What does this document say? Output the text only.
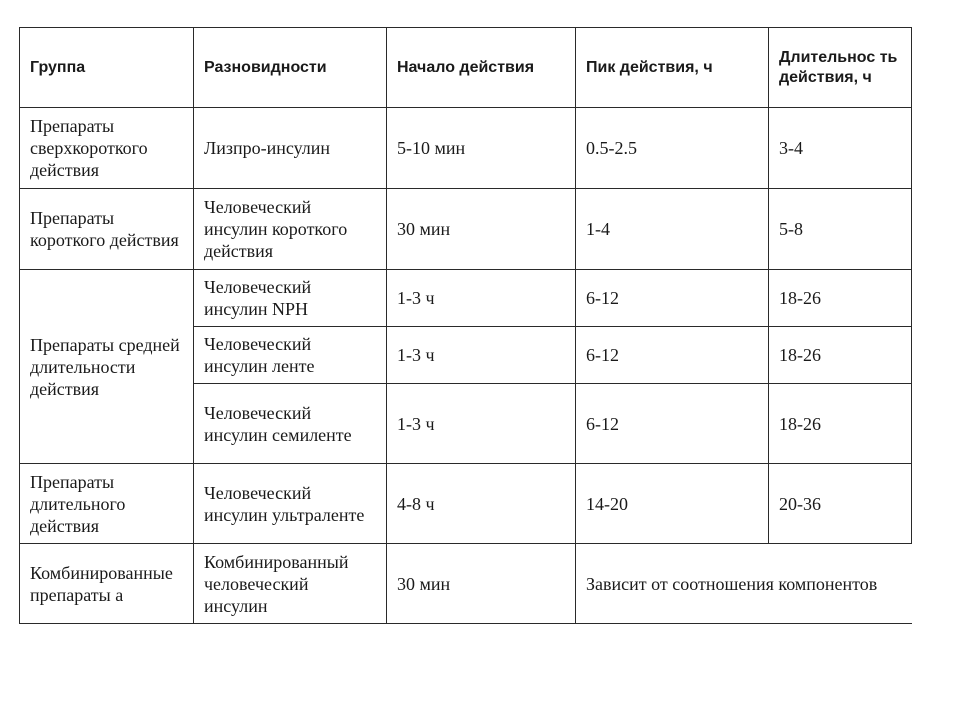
Группа	Разновидности	Начало действия	Пик действия, ч	Длительнос ть действия, ч
Препараты сверхкороткого действия	Лизпро-инсулин	5-10 мин	0.5-2.5	3-4
Препараты короткого действия	Человеческий инсулин короткого действия	30 мин	1-4	5-8
Препараты средней длительности действия	Человеческий инсулин NPH	1-3 ч	6-12	18-26
	Человеческий инсулин ленте	1-3 ч	6-12	18-26
	Человеческий инсулин семиленте	1-3 ч	6-12	18-26
Препараты длительного действия	Человеческий инсулин ультраленте	4-8 ч	14-20	20-36
Комбинированные препараты а	Комбинированный человеческий инсулин	30 мин	Зависит от соотношения компонентов	
